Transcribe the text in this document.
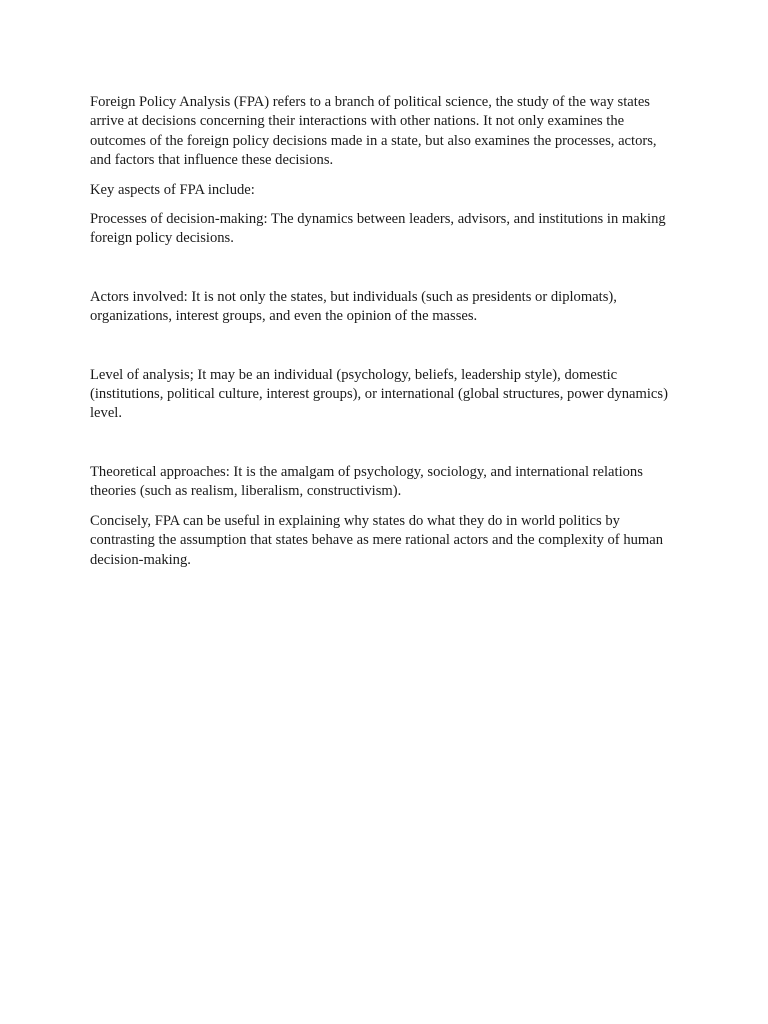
Foreign Policy Analysis (FPA) refers to a branch of political science, the study of the way states arrive at decisions concerning their interactions with other nations. It not only examines the outcomes of the foreign policy decisions made in a state, but also examines the processes, actors, and factors that influence these decisions.

Key aspects of FPA include:

Processes of decision-making: The dynamics between leaders, advisors, and institutions in making foreign policy decisions.

Actors involved: It is not only the states, but individuals (such as presidents or diplomats), organizations, interest groups, and even the opinion of the masses.

Level of analysis; It may be an individual (psychology, beliefs, leadership style), domestic (institutions, political culture, interest groups), or international (global structures, power dynamics) level.

Theoretical approaches: It is the amalgam of psychology, sociology, and international relations theories (such as realism, liberalism, constructivism).

Concisely, FPA can be useful in explaining why states do what they do in world politics by contrasting the assumption that states behave as mere rational actors and the complexity of human decision-making.
